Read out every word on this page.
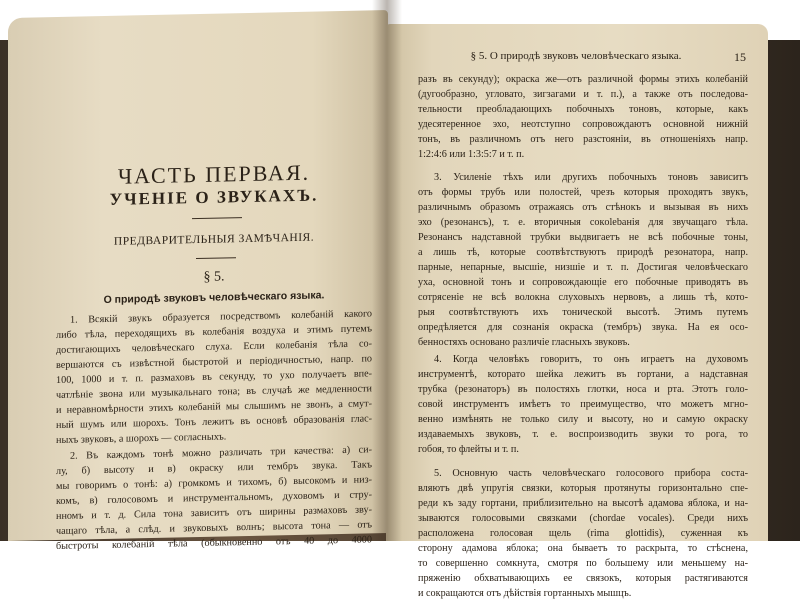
ЧАСТЬ ПЕРВАЯ.
УЧЕНІЕ О ЗВУКАХЪ.
ПРЕДВАРИТЕЛЬНЫЯ ЗАМѢЧАНІЯ.
§ 5.
О природѣ звуковъ человѣческаго языка.
1. Всякій звукъ образуется посредствомъ колебаній какого
либо тѣла, переходящихъ въ колебанія воздуха и этимъ путемъ
достигающихъ человѣческаго слуха. Если колебанія тѣла со-
вершаются съ извѣстной быстротой и періодичностью, напр. по
100, 1000 и т. п. размаховъ въ секунду, то ухо получаетъ впе-
чатлѣніе звона или музыкальнаго тона; въ случаѣ же медленности
и неравномѣрности этихъ колебаній мы слышимъ не звонъ, а смут-
ный шумъ или шорохъ. Тонъ лежитъ въ основѣ образованія глас-
ныхъ звуковъ, а шорохъ — согласныхъ.
2. Въ каждомъ тонѣ можно различать три качества: а) си-
лу, б) высоту и в) окраску или тембръ звука. Такъ
мы говоримъ о тонѣ: а) громкомъ и тихомъ, б) высокомъ и низ-
комъ, в) голосовомъ и инструментальномъ, духовомъ и стру-
нномъ и т. д. Сила тона зависитъ отъ ширины размаховъ зву-
чащаго тѣла, а слѣд. и звуковыхъ волнъ; высота тона — отъ
быстроты колебаній тѣла (обыкновенно отъ 40 до 4000
§ 5. О природѣ звуковъ человѣческаго языка.	15
разъ въ секунду); окраска же—отъ различной формы этихъ колебаній
(дугообразно, угловато, зигзагами и т. п.), а также отъ последова-
тельности преобладающихъ побочныхъ тоновъ, которые, какъ
удесятеренное эхо, неотступно сопровождаютъ основной нижній
тонъ, въ различномъ отъ него разстояніи, въ отношеніяхъ напр.
1:2:4:6 или 1:3:5:7 и т. п.
3. Усиленіе тѣхъ или другихъ побочныхъ тоновъ зависитъ
отъ формы трубъ или полостей, чрезъ которыя проходятъ звукъ,
различнымъ образомъ отражаясь отъ стѣнокъ и вызывая въ нихъ
эхо (резонансъ), т. е. вторичныя сокolebанія для звучащаго тѣла.
Резонансъ надставной трубки выдвигаетъ не всѣ побочные тоны,
а лишь тѣ, которые соотвѣтствуютъ природѣ резонатора, напр.
парные, непарные, высшіе, низшіе и т. п. Достигая человѣческаго
уха, основной тонъ и сопровождающіе его побочные приводятъ въ
сотрясеніе не всѣ волокна слуховыхъ нервовъ, а лишь тѣ, кото-
рыя соотвѣтствуютъ ихъ тонической высотѣ. Этимъ путемъ
опредѣляется для сознанія окраска (тембръ) звука. На ея осо-
бенностяхъ основано различіе гласныхъ звуковъ.
4. Когда человѣкъ говоритъ, то онъ играетъ на духовомъ
инструментѣ, которато шейка лежитъ въ гортани, а надставная
трубка (резонаторъ) въ полостяхъ глотки, носа и рта. Этотъ голо-
совой инструментъ имѣетъ то преимущество, что можетъ мгно-
венно измѣнять не только силу и высоту, но и самую окраску
издаваемыхъ звуковъ, т. е. воспроизводить звуки то рога, то
гобоя, то флейты и т. п.
5. Основную часть человѣческаго голосового прибора соста-
вляютъ двѣ упругія связки, которыя протянуты горизонтально спе-
реди къ заду гортани, приблизительно на высотѣ адамова яблока, и на-
зываются голосовыми связками (chordae vocales). Среди нихъ
расположена голосовая щель (rima glottidis), суженная къ
сторону адамова яблока; она бываетъ то раскрыта, то стѣснена,
то совершенно сомкнута, смотря по большему или меньшему на-
пряженію обхватывающихъ ее связокъ, которыя растягиваются
и сокращаются отъ дѣйствія гортанныхъ мышцъ.
